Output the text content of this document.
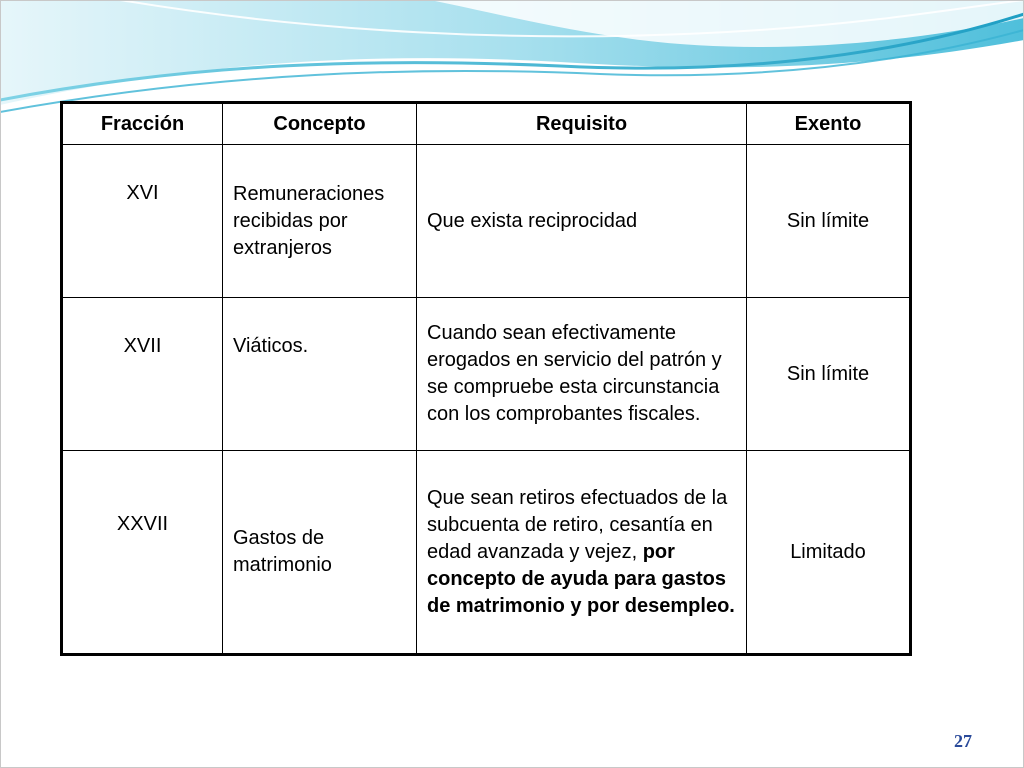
Fracción	Concepto	Requisito	Exento
XVI	Remuneraciones recibidas por extranjeros	Que exista reciprocidad	Sin límite
XVII	Viáticos.	Cuando sean efectivamente erogados en servicio del patrón y se compruebe esta circunstancia con los comprobantes fiscales.	Sin límite
XXVII	Gastos de matrimonio	Que sean retiros efectuados de la subcuenta de retiro, cesantía en edad avanzada y vejez, por concepto de ayuda para gastos de matrimonio y por desempleo.	Limitado
27
